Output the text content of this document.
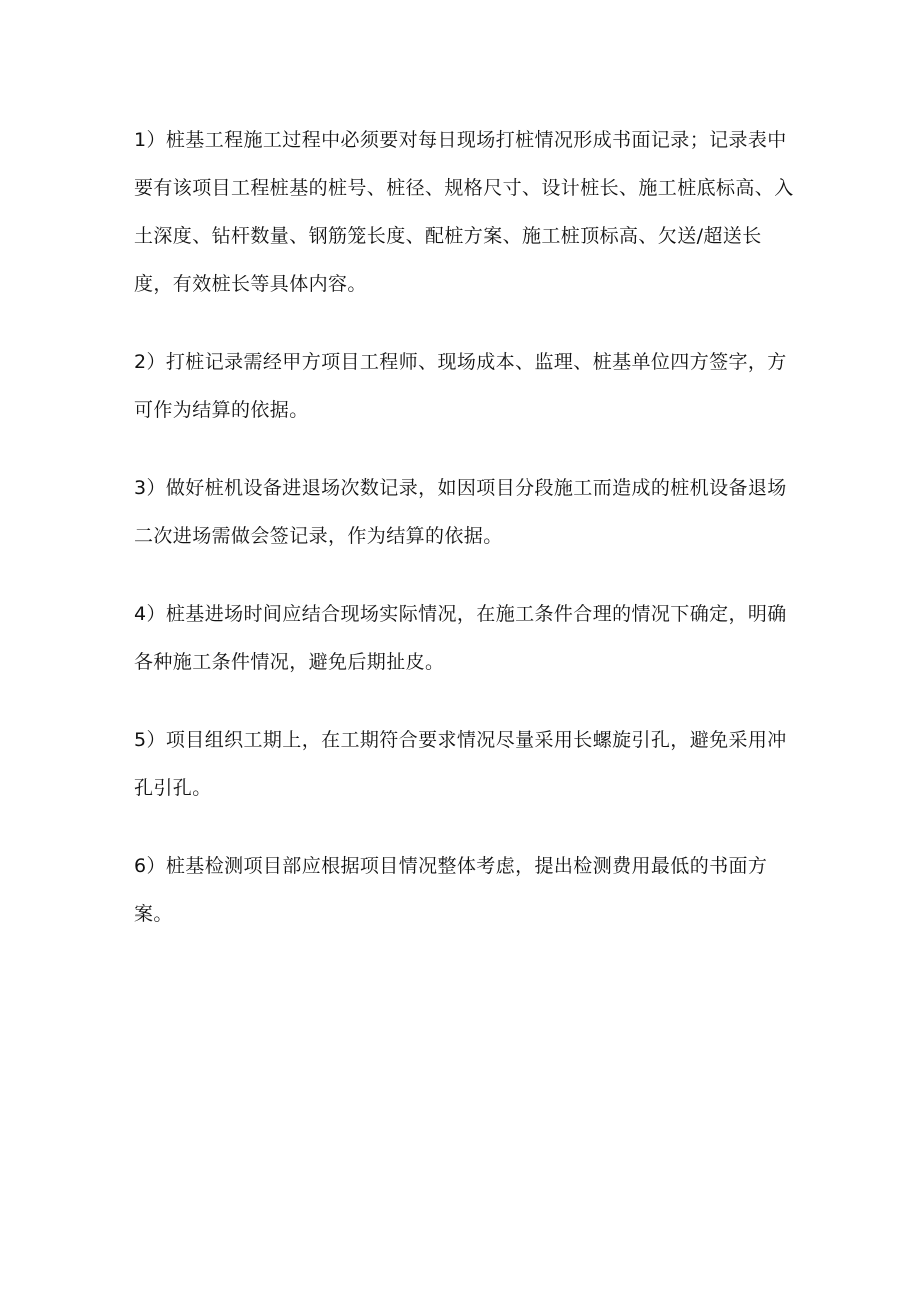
1）桩基工程施工过程中必须要对每日现场打桩情况形成书面记录；记录表中要有该项目工程桩基的桩号、桩径、规格尺寸、设计桩长、施工桩底标高、入土深度、钻杆数量、钢筋笼长度、配桩方案、施工桩顶标高、欠送/超送长度，有效桩长等具体内容。

2）打桩记录需经甲方项目工程师、现场成本、监理、桩基单位四方签字，方可作为结算的依据。

3）做好桩机设备进退场次数记录，如因项目分段施工而造成的桩机设备退场二次进场需做会签记录，作为结算的依据。

4）桩基进场时间应结合现场实际情况，在施工条件合理的情况下确定，明确各种施工条件情况，避免后期扯皮。

5）项目组织工期上，在工期符合要求情况尽量采用长螺旋引孔，避免采用冲孔引孔。

6）桩基检测项目部应根据项目情况整体考虑，提出检测费用最低的书面方案。
